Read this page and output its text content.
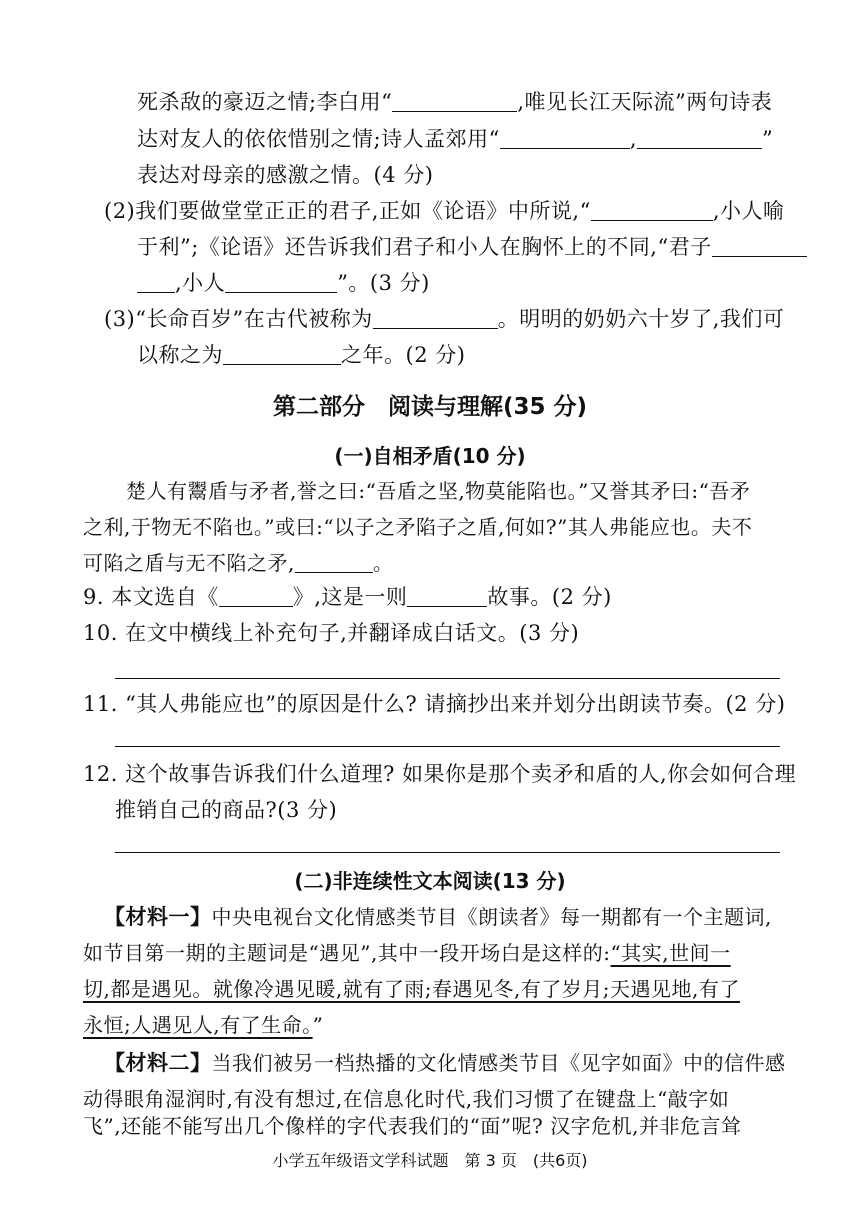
死杀敌的豪迈之情;李白用“	,唯见长江天际流”两句诗表
达对友人的依依惜别之情;诗人孟郊用“	,	”
表达对母亲的感激之情。(4 分)
(2)我们要做堂堂正正的君子,正如《论语》中所说,“	,小人喻
于利”;《论语》还告诉我们君子和小人在胸怀上的不同,“君子
,小人	”。(3 分)
(3)“长命百岁”在古代被称为	。明明的奶奶六十岁了,我们可
以称之为	之年。(2 分)
第二部分　阅读与理解(35 分)
(一)自相矛盾(10 分)
楚人有鬻盾与矛者,誉之曰:“吾盾之坚,物莫能陷也。”又誉其矛曰:“吾矛
之利,于物无不陷也。”或曰:“以子之矛陷子之盾,何如?”其人弗能应也。夫不
可陷之盾与无不陷之矛,	。
9. 本文选自《	》,这是一则	故事。(2 分)
10. 在文中横线上补充句子,并翻译成白话文。(3 分)
11. “其人弗能应也”的原因是什么? 请摘抄出来并划分出朗读节奏。(2 分)
12. 这个故事告诉我们什么道理? 如果你是那个卖矛和盾的人,你会如何合理
推销自己的商品?(3 分)
(二)非连续性文本阅读(13 分)
【材料一】中央电视台文化情感类节目《朗读者》每一期都有一个主题词,
如节目第一期的主题词是“遇见”,其中一段开场白是这样的:“其实,世间一
切,都是遇见。就像冷遇见暖,就有了雨;春遇见冬,有了岁月;天遇见地,有了
永恒;人遇见人,有了生命。”
【材料二】当我们被另一档热播的文化情感类节目《见字如面》中的信件感
动得眼角湿润时,有没有想过,在信息化时代,我们习惯了在键盘上“敲字如
飞”,还能不能写出几个像样的字代表我们的“面”呢? 汉字危机,并非危言耸
小学五年级语文学科试题　第 3 页　(共6页)
